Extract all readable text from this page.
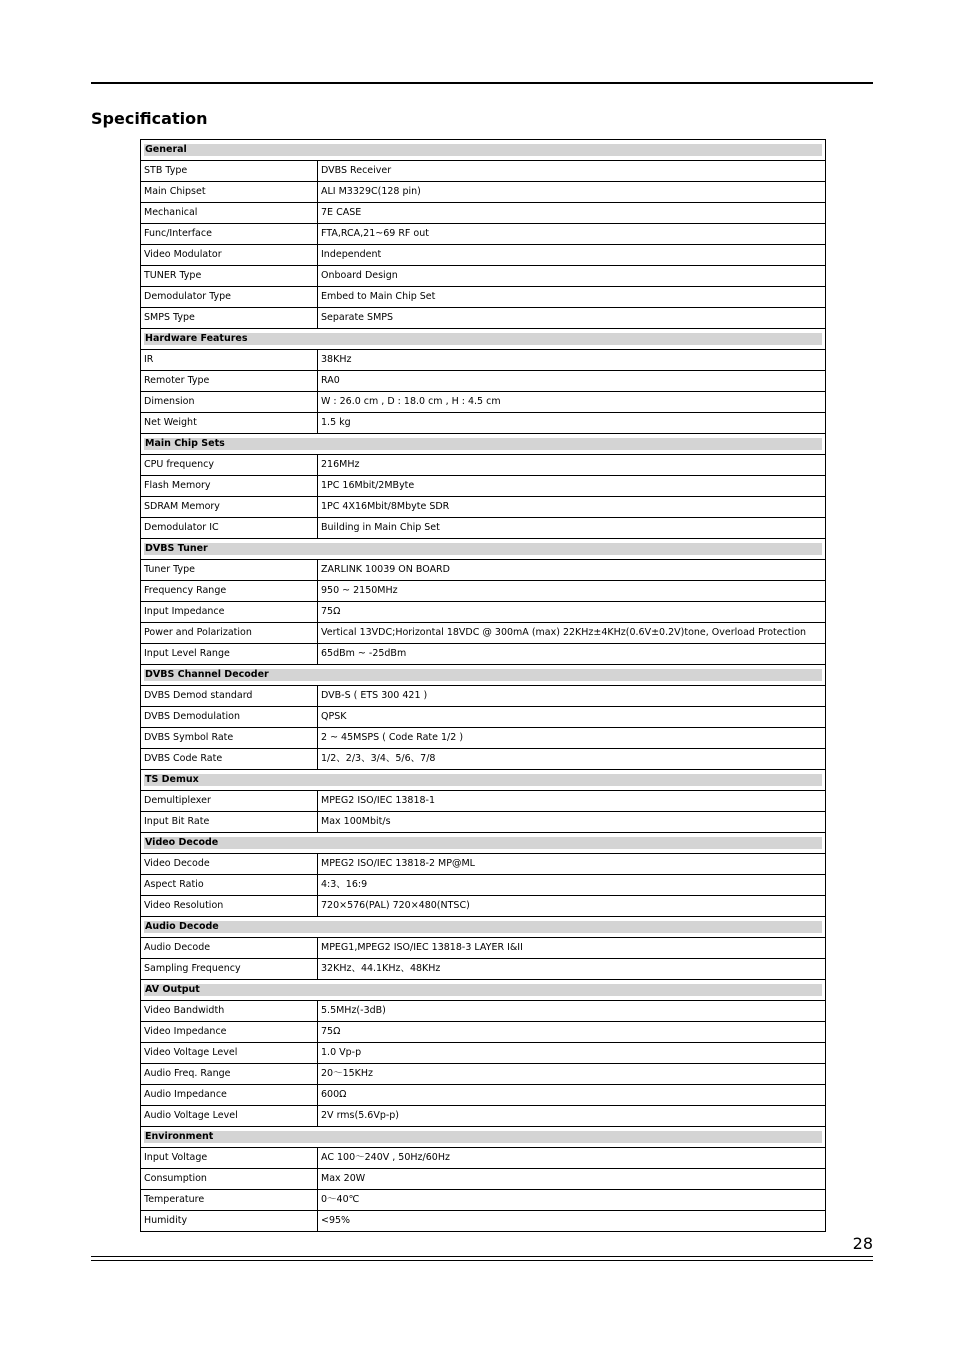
Specification
General	

STB Type	DVBS Receiver
Main Chipset	ALI M3329C(128 pin)
Mechanical	7E CASE
Func/Interface	FTA,RCA,21~69 RF out
Video Modulator	Independent
TUNER Type	Onboard Design
Demodulator Type	Embed to Main Chip Set
SMPS Type	Separate SMPS

Hardware Features	

IR	38KHz
Remoter Type	RA0
Dimension	W : 26.0 cm , D : 18.0 cm , H : 4.5 cm
Net Weight	1.5 kg

Main Chip Sets	

CPU frequency	216MHz
Flash Memory	1PC 16Mbit/2MByte
SDRAM Memory	1PC 4X16Mbit/8Mbyte SDR
Demodulator IC	Building in Main Chip Set

DVBS Tuner	

Tuner Type	ZARLINK 10039 ON BOARD
Frequency Range	950 ~ 2150MHz
Input Impedance	75Ω
Power and Polarization	Vertical 13VDC;Horizontal 18VDC @ 300mA (max) 22KHz±4KHz(0.6V±0.2V)tone, Overload Protection
Input Level Range	65dBm ~ -25dBm

DVBS Channel Decoder	

DVBS Demod standard	DVB-S ( ETS 300 421 )
DVBS Demodulation	QPSK
DVBS Symbol Rate	2 ~ 45MSPS ( Code Rate 1/2 )
DVBS Code Rate	1/2、2/3、3/4、5/6、7/8

TS Demux	

Demultiplexer	MPEG2 ISO/IEC 13818-1
Input Bit Rate	Max 100Mbit/s

Video Decode	

Video Decode	MPEG2 ISO/IEC 13818-2 MP@ML
Aspect Ratio	4:3、16:9
Video Resolution	720×576(PAL) 720×480(NTSC)

Audio Decode	

Audio Decode	MPEG1,MPEG2 ISO/IEC 13818-3 LAYER I&II
Sampling Frequency	32KHz、44.1KHz、48KHz

AV Output	

Video Bandwidth	5.5MHz(-3dB)
Video Impedance	75Ω
Video Voltage Level	1.0 Vp-p
Audio Freq. Range	20～15KHz
Audio Impedance	600Ω
Audio Voltage Level	2V rms(5.6Vp-p)

Environment	

Input Voltage	AC 100～240V , 50Hz/60Hz
Consumption	Max 20W
Temperature	0～40℃
Humidity	<95%
28
